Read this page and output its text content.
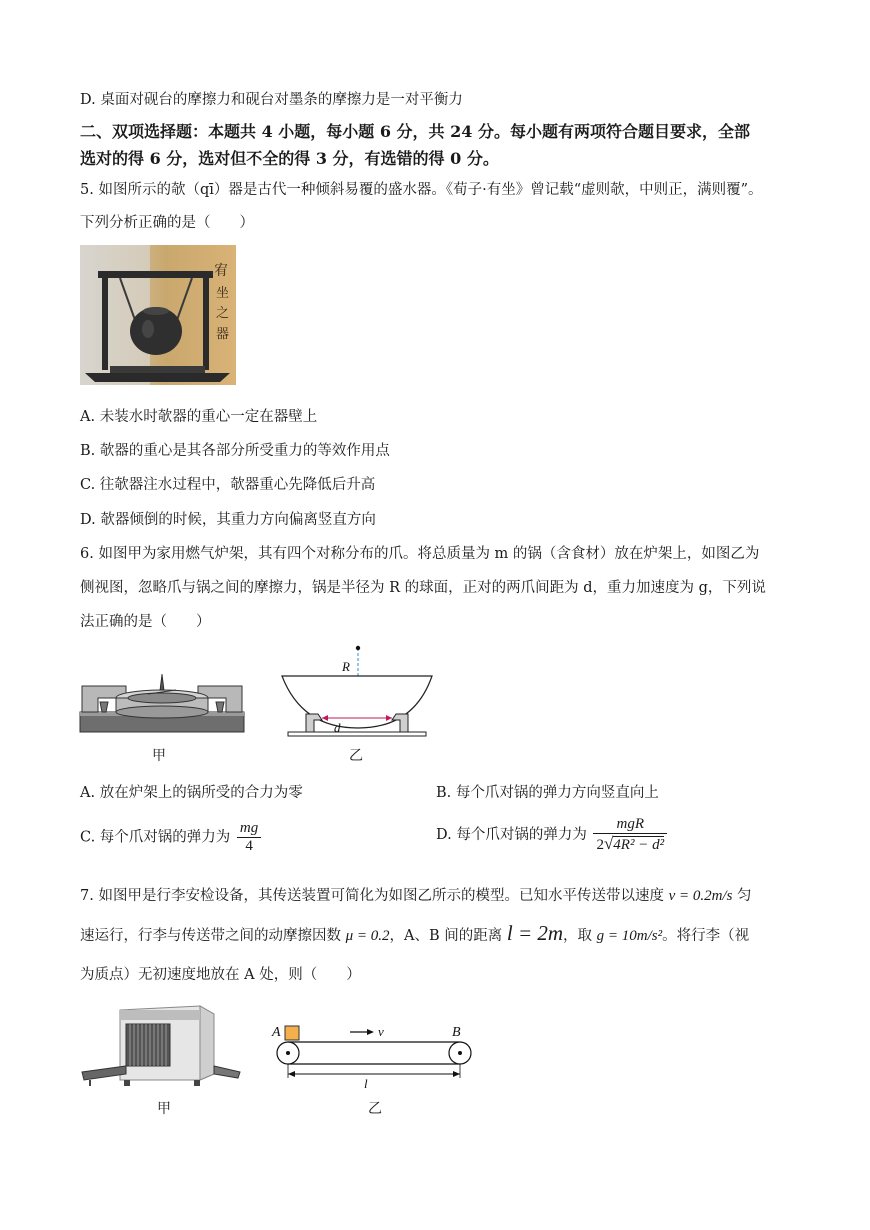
D. 桌面对砚台的摩擦力和砚台对墨条的摩擦力是一对平衡力
二、双项选择题：本题共 4 小题，每小题 6 分，共 24 分。每小题有两项符合题目要求，全部
选对的得 6 分，选对但不全的得 3 分，有选错的得 0 分。
5. 如图所示的欹（qī）器是古代一种倾斜易覆的盛水器。《荀子·有坐》曾记载“虚则欹，中则正，满则覆”。
下列分析正确的是（　　）
宥
坐
之
器
A. 未装水时欹器的重心一定在器壁上
B. 欹器的重心是其各部分所受重力的等效作用点
C. 往欹器注水过程中，欹器重心先降低后升高
D. 欹器倾倒的时候，其重力方向偏离竖直方向
6. 如图甲为家用燃气炉架，其有四个对称分布的爪。将总质量为 m 的锅（含食材）放在炉架上，如图乙为
侧视图，忽略爪与锅之间的摩擦力，锅是半径为 R 的球面，正对的两爪间距为 d，重力加速度为 g，下列说
法正确的是（　　）
甲
R
d
乙
A. 放在炉架上的锅所受的合力为零	B. 每个爪对锅的弹力方向竖直向上
C. 每个爪对锅的弹力为 $\frac{mg}{4}$	D. 每个爪对锅的弹力为 $\frac{\text{mgR}}{\text{2√4R² − d²}}$
7. 如图甲是行李安检设备，其传送装置可简化为如图乙所示的模型。已知水平传送带以速度 v = 0.2m/s 匀
速运行，行李与传送带之间的动摩擦因数 μ = 0.2，A、B 间的距离 l = 2m，取 g = 10m/s²。将行李（视
为质点）无初速度地放在 A 处，则（　　）
甲
A	B
v
l
乙
